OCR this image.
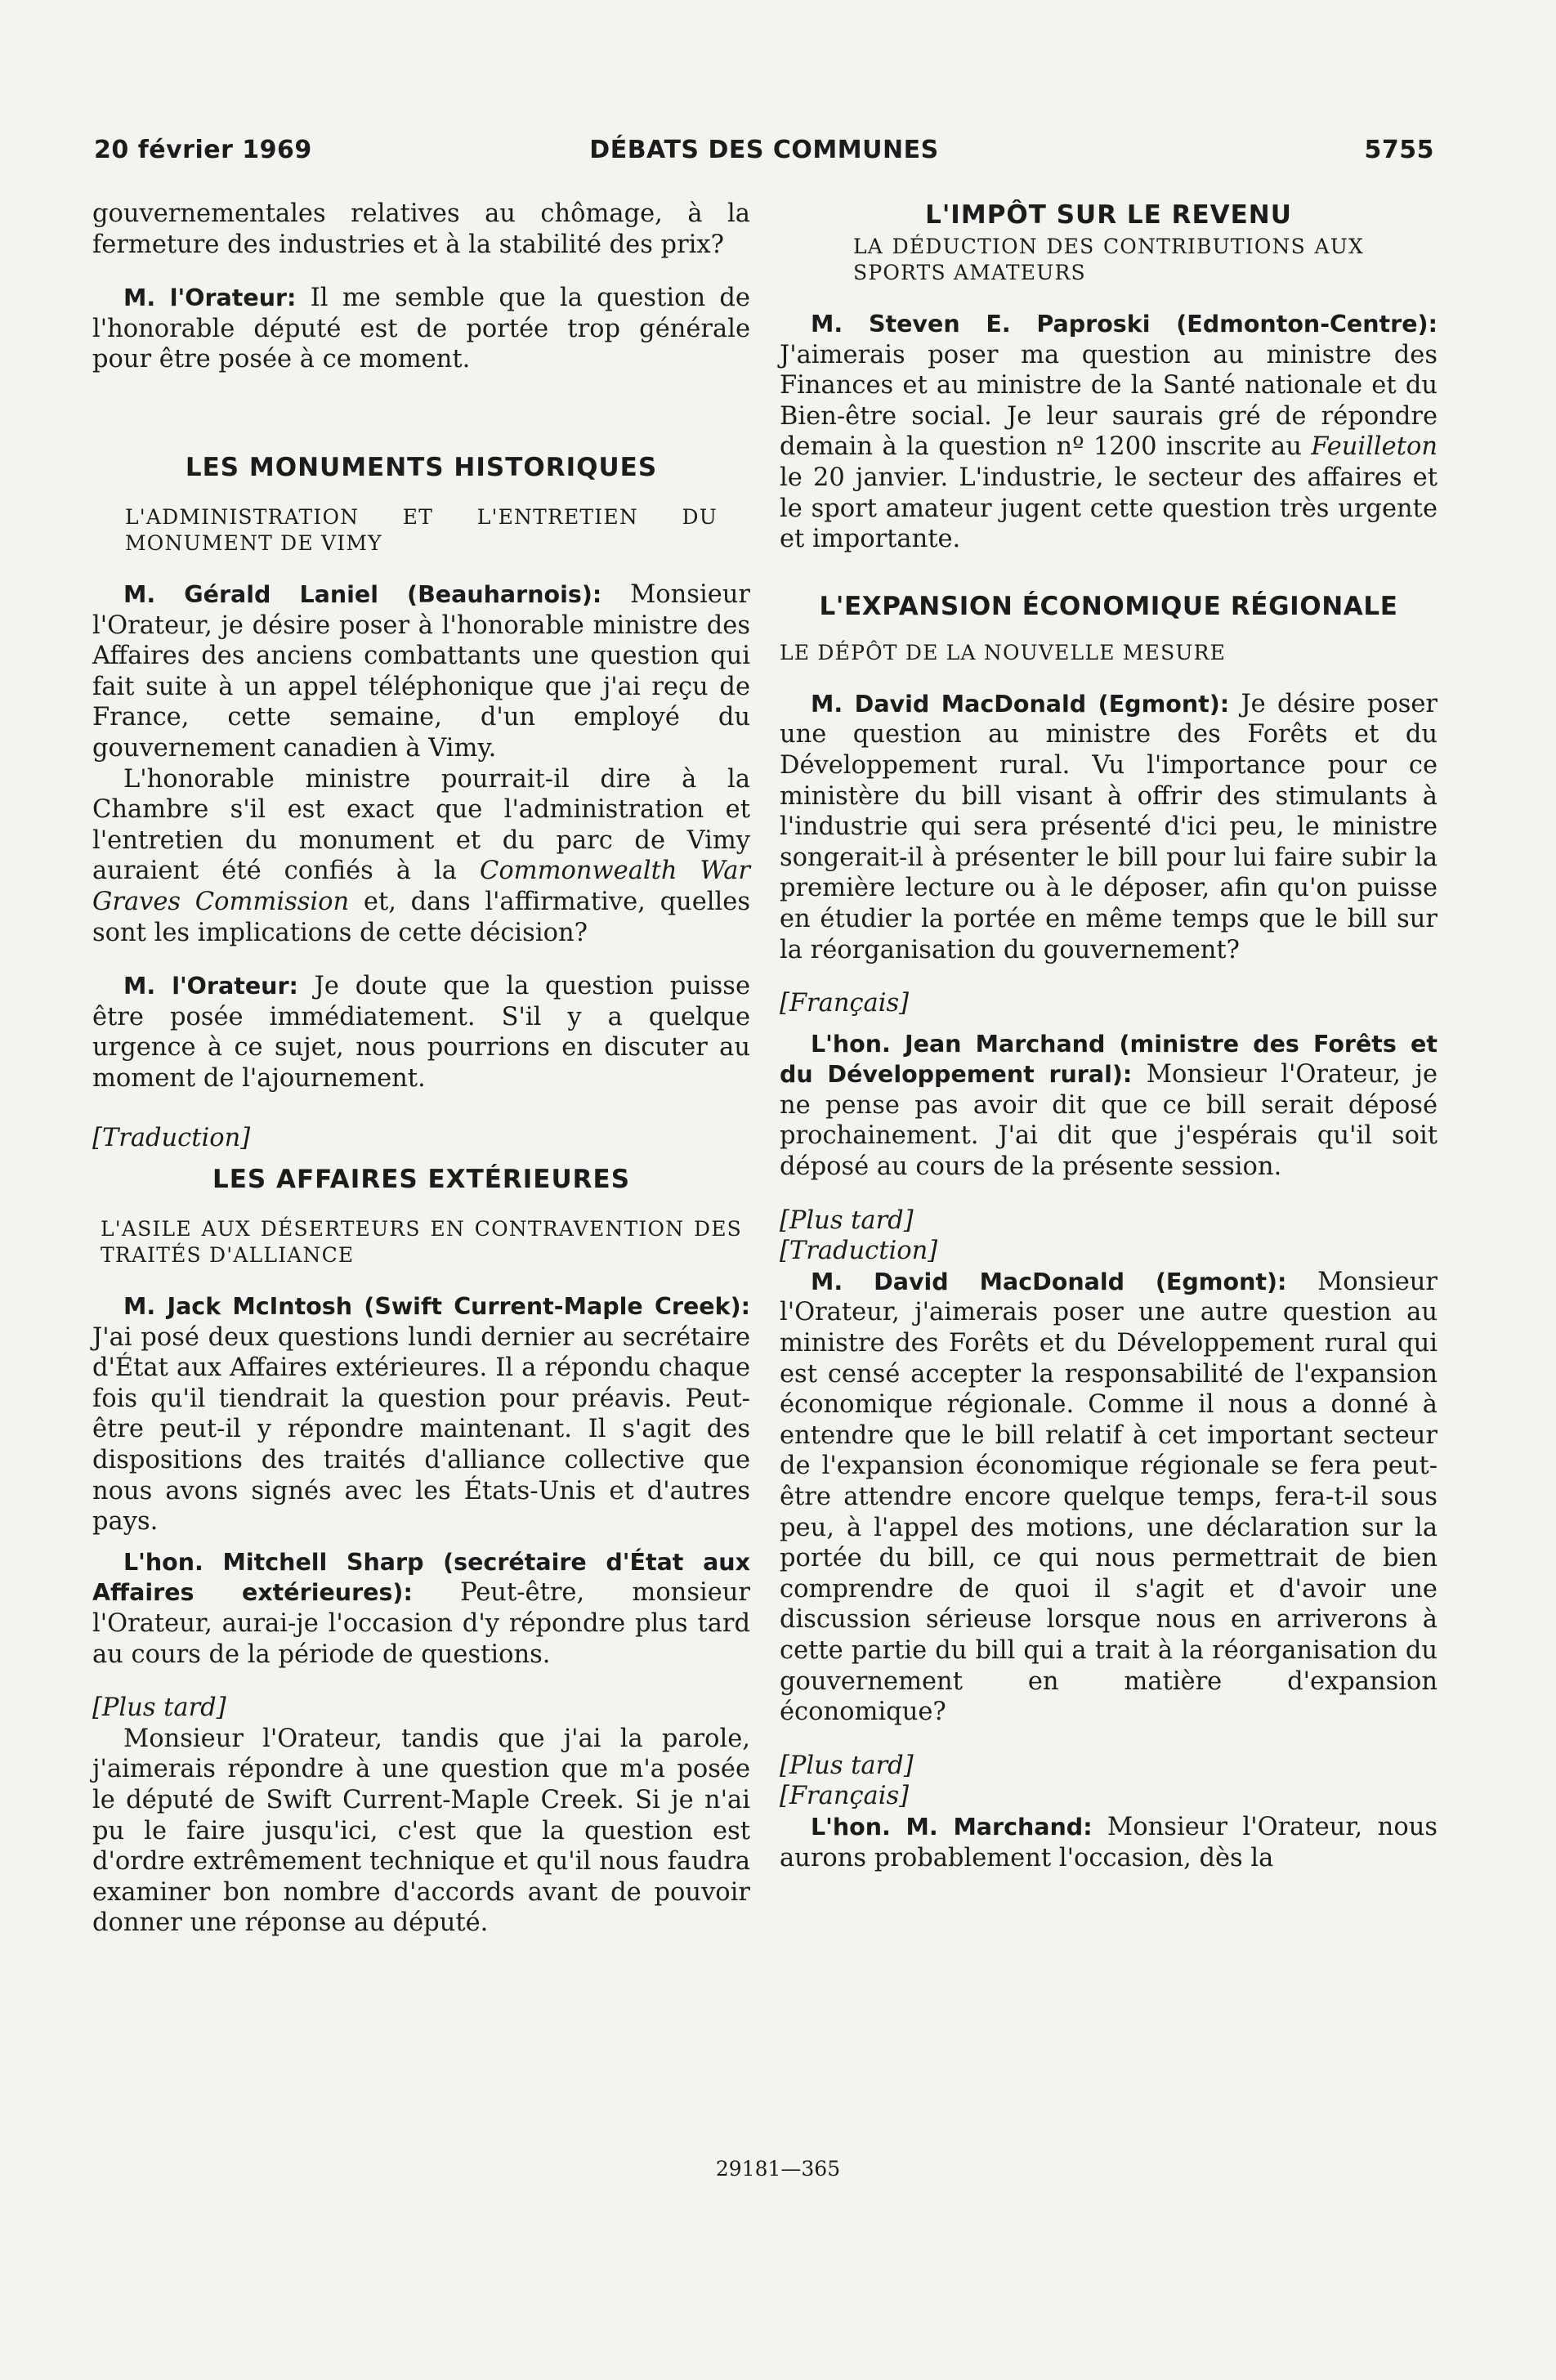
20 février 1969	DÉBATS DES COMMUNES	5755

gouvernementales relatives au chômage, à la fermeture des industries et à la stabilité des prix?

M. l'Orateur: Il me semble que la question de l'honorable député est de portée trop générale pour être posée à ce moment.

LES MONUMENTS HISTORIQUES

L'ADMINISTRATION ET L'ENTRETIEN DU MONUMENT DE VIMY

M. Gérald Laniel (Beauharnois): Monsieur l'Orateur, je désire poser à l'honorable ministre des Affaires des anciens combattants une question qui fait suite à un appel téléphonique que j'ai reçu de France, cette semaine, d'un employé du gouvernement canadien à Vimy.

L'honorable ministre pourrait-il dire à la Chambre s'il est exact que l'administration et l'entretien du monument et du parc de Vimy auraient été confiés à la Commonwealth War Graves Commission et, dans l'affirmative, quelles sont les implications de cette décision?

M. l'Orateur: Je doute que la question puisse être posée immédiatement. S'il y a quelque urgence à ce sujet, nous pourrions en discuter au moment de l'ajournement.

[Traduction]

LES AFFAIRES EXTÉRIEURES

L'ASILE AUX DÉSERTEURS EN CONTRAVENTION DES TRAITÉS D'ALLIANCE

M. Jack McIntosh (Swift Current-Maple Creek): J'ai posé deux questions lundi dernier au secrétaire d'État aux Affaires extérieures. Il a répondu chaque fois qu'il tiendrait la question pour préavis. Peut-être peut-il y répondre maintenant. Il s'agit des dispositions des traités d'alliance collective que nous avons signés avec les États-Unis et d'autres pays.

L'hon. Mitchell Sharp (secrétaire d'État aux Affaires extérieures): Peut-être, monsieur l'Orateur, aurai-je l'occasion d'y répondre plus tard au cours de la période de questions.

[Plus tard]

Monsieur l'Orateur, tandis que j'ai la parole, j'aimerais répondre à une question que m'a posée le député de Swift Current-Maple Creek. Si je n'ai pu le faire jusqu'ici, c'est que la question est d'ordre extrêmement technique et qu'il nous faudra examiner bon nombre d'accords avant de pouvoir donner une réponse au député.

L'IMPÔT SUR LE REVENU

LA DÉDUCTION DES CONTRIBUTIONS AUX SPORTS AMATEURS

M. Steven E. Paproski (Edmonton-Centre): J'aimerais poser ma question au ministre des Finances et au ministre de la Santé nationale et du Bien-être social. Je leur saurais gré de répondre demain à la question nº 1200 inscrite au Feuilleton le 20 janvier. L'industrie, le secteur des affaires et le sport amateur jugent cette question très urgente et importante.

L'EXPANSION ÉCONOMIQUE RÉGIONALE

LE DÉPÔT DE LA NOUVELLE MESURE

M. David MacDonald (Egmont): Je désire poser une question au ministre des Forêts et du Développement rural. Vu l'importance pour ce ministère du bill visant à offrir des stimulants à l'industrie qui sera présenté d'ici peu, le ministre songerait-il à présenter le bill pour lui faire subir la première lecture ou à le déposer, afin qu'on puisse en étudier la portée en même temps que le bill sur la réorganisation du gouvernement?

[Français]

L'hon. Jean Marchand (ministre des Forêts et du Développement rural): Monsieur l'Orateur, je ne pense pas avoir dit que ce bill serait déposé prochainement. J'ai dit que j'espérais qu'il soit déposé au cours de la présente session.

[Plus tard]

[Traduction]

M. David MacDonald (Egmont): Monsieur l'Orateur, j'aimerais poser une autre question au ministre des Forêts et du Développement rural qui est censé accepter la responsabilité de l'expansion économique régionale. Comme il nous a donné à entendre que le bill relatif à cet important secteur de l'expansion économique régionale se fera peut-être attendre encore quelque temps, fera-t-il sous peu, à l'appel des motions, une déclaration sur la portée du bill, ce qui nous permettrait de bien comprendre de quoi il s'agit et d'avoir une discussion sérieuse lorsque nous en arriverons à cette partie du bill qui a trait à la réorganisation du gouvernement en matière d'expansion économique?

[Plus tard]

[Français]

L'hon. M. Marchand: Monsieur l'Orateur, nous aurons probablement l'occasion, dès la

29181—365
